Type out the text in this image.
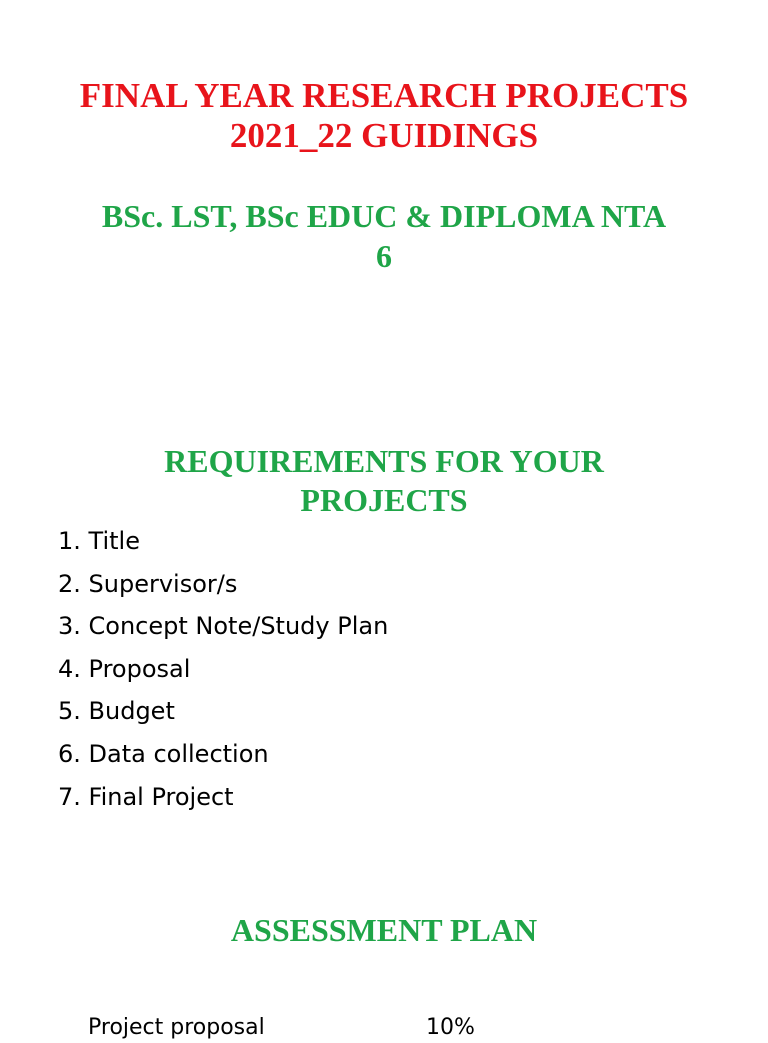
FINAL YEAR RESEARCH PROJECTS
2021_22 GUIDINGS
BSc. LST, BSc EDUC & DIPLOMA NTA
6
REQUIREMENTS FOR YOUR
PROJECTS
1. Title
2. Supervisor/s
3. Concept Note/Study Plan
4. Proposal
5. Budget
6. Data collection
7. Final Project
ASSESSMENT PLAN
Project proposal	10%
